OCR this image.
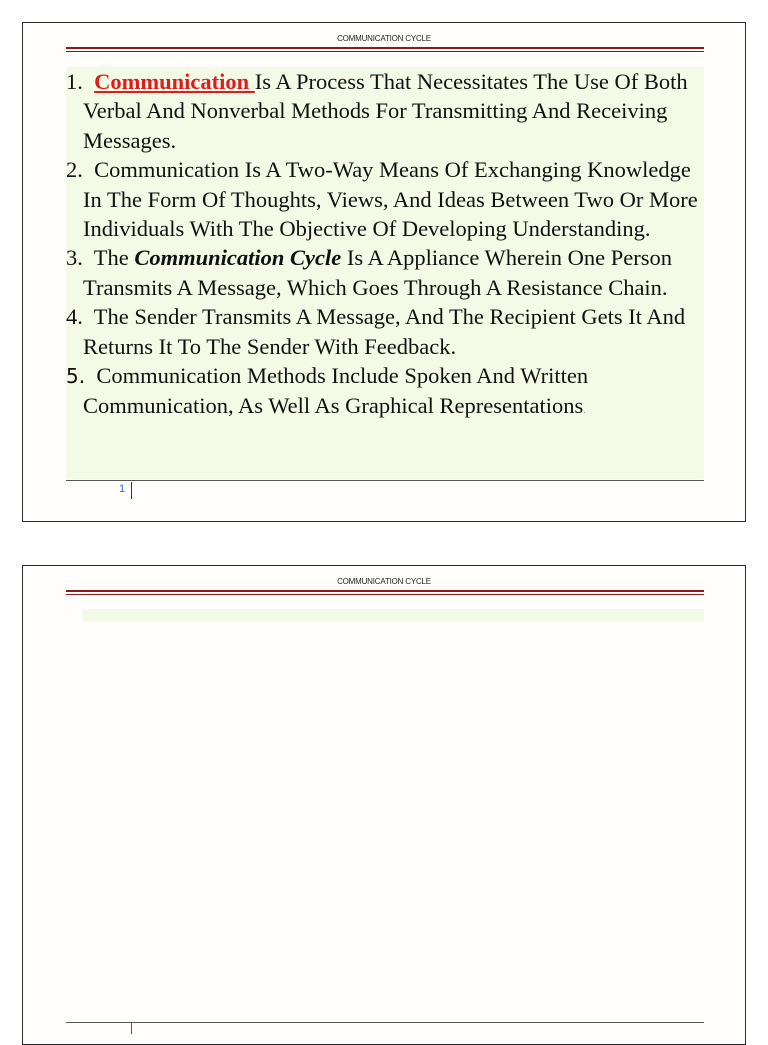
COMMUNICATION CYCLE
1. Communication Is A Process That Necessitates The Use Of Both Verbal And Nonverbal Methods For Transmitting And Receiving Messages.
2. Communication Is A Two-Way Means Of Exchanging Knowledge In The Form Of Thoughts, Views, And Ideas Between Two Or More Individuals With The Objective Of Developing Understanding.
3. The Communication Cycle Is A Appliance Wherein One Person Transmits A Message, Which Goes Through A Resistance Chain.
4. The Sender Transmits A Message, And The Recipient Gets It And Returns It To The Sender With Feedback.
5. Communication Methods Include Spoken And Written Communication, As Well As Graphical Representations.
1
COMMUNICATION CYCLE
